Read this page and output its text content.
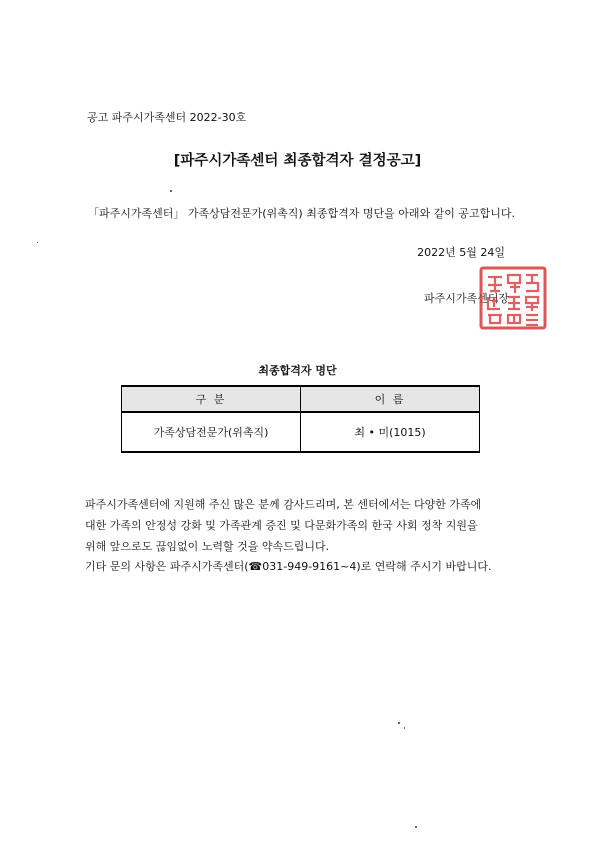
공고 파주시가족센터 2022-30호
[파주시가족센터 최종합격자 결정공고]
「파주시가족센터」 가족상담전문가(위촉직) 최종합격자 명단을 아래와 같이 공고합니다.
2022년 5월 24일
파주시가족센터장
최종합격자 명단
구 분	이 름
가족상담전문가(위촉직)	최 • 미(1015)
파주시가족센터에 지원해 주신 많은 분께 감사드리며, 본 센터에서는 다양한 가족에
대한 가족의 안정성 강화 및 가족관계 증진 및 다문화가족의 한국 사회 정착 지원을
위해 앞으로도 끊임없이 노력할 것을 약속드립니다.
기타 문의 사항은 파주시가족센터(☎031-949-9161~4)로 연락해 주시기 바랍니다.
